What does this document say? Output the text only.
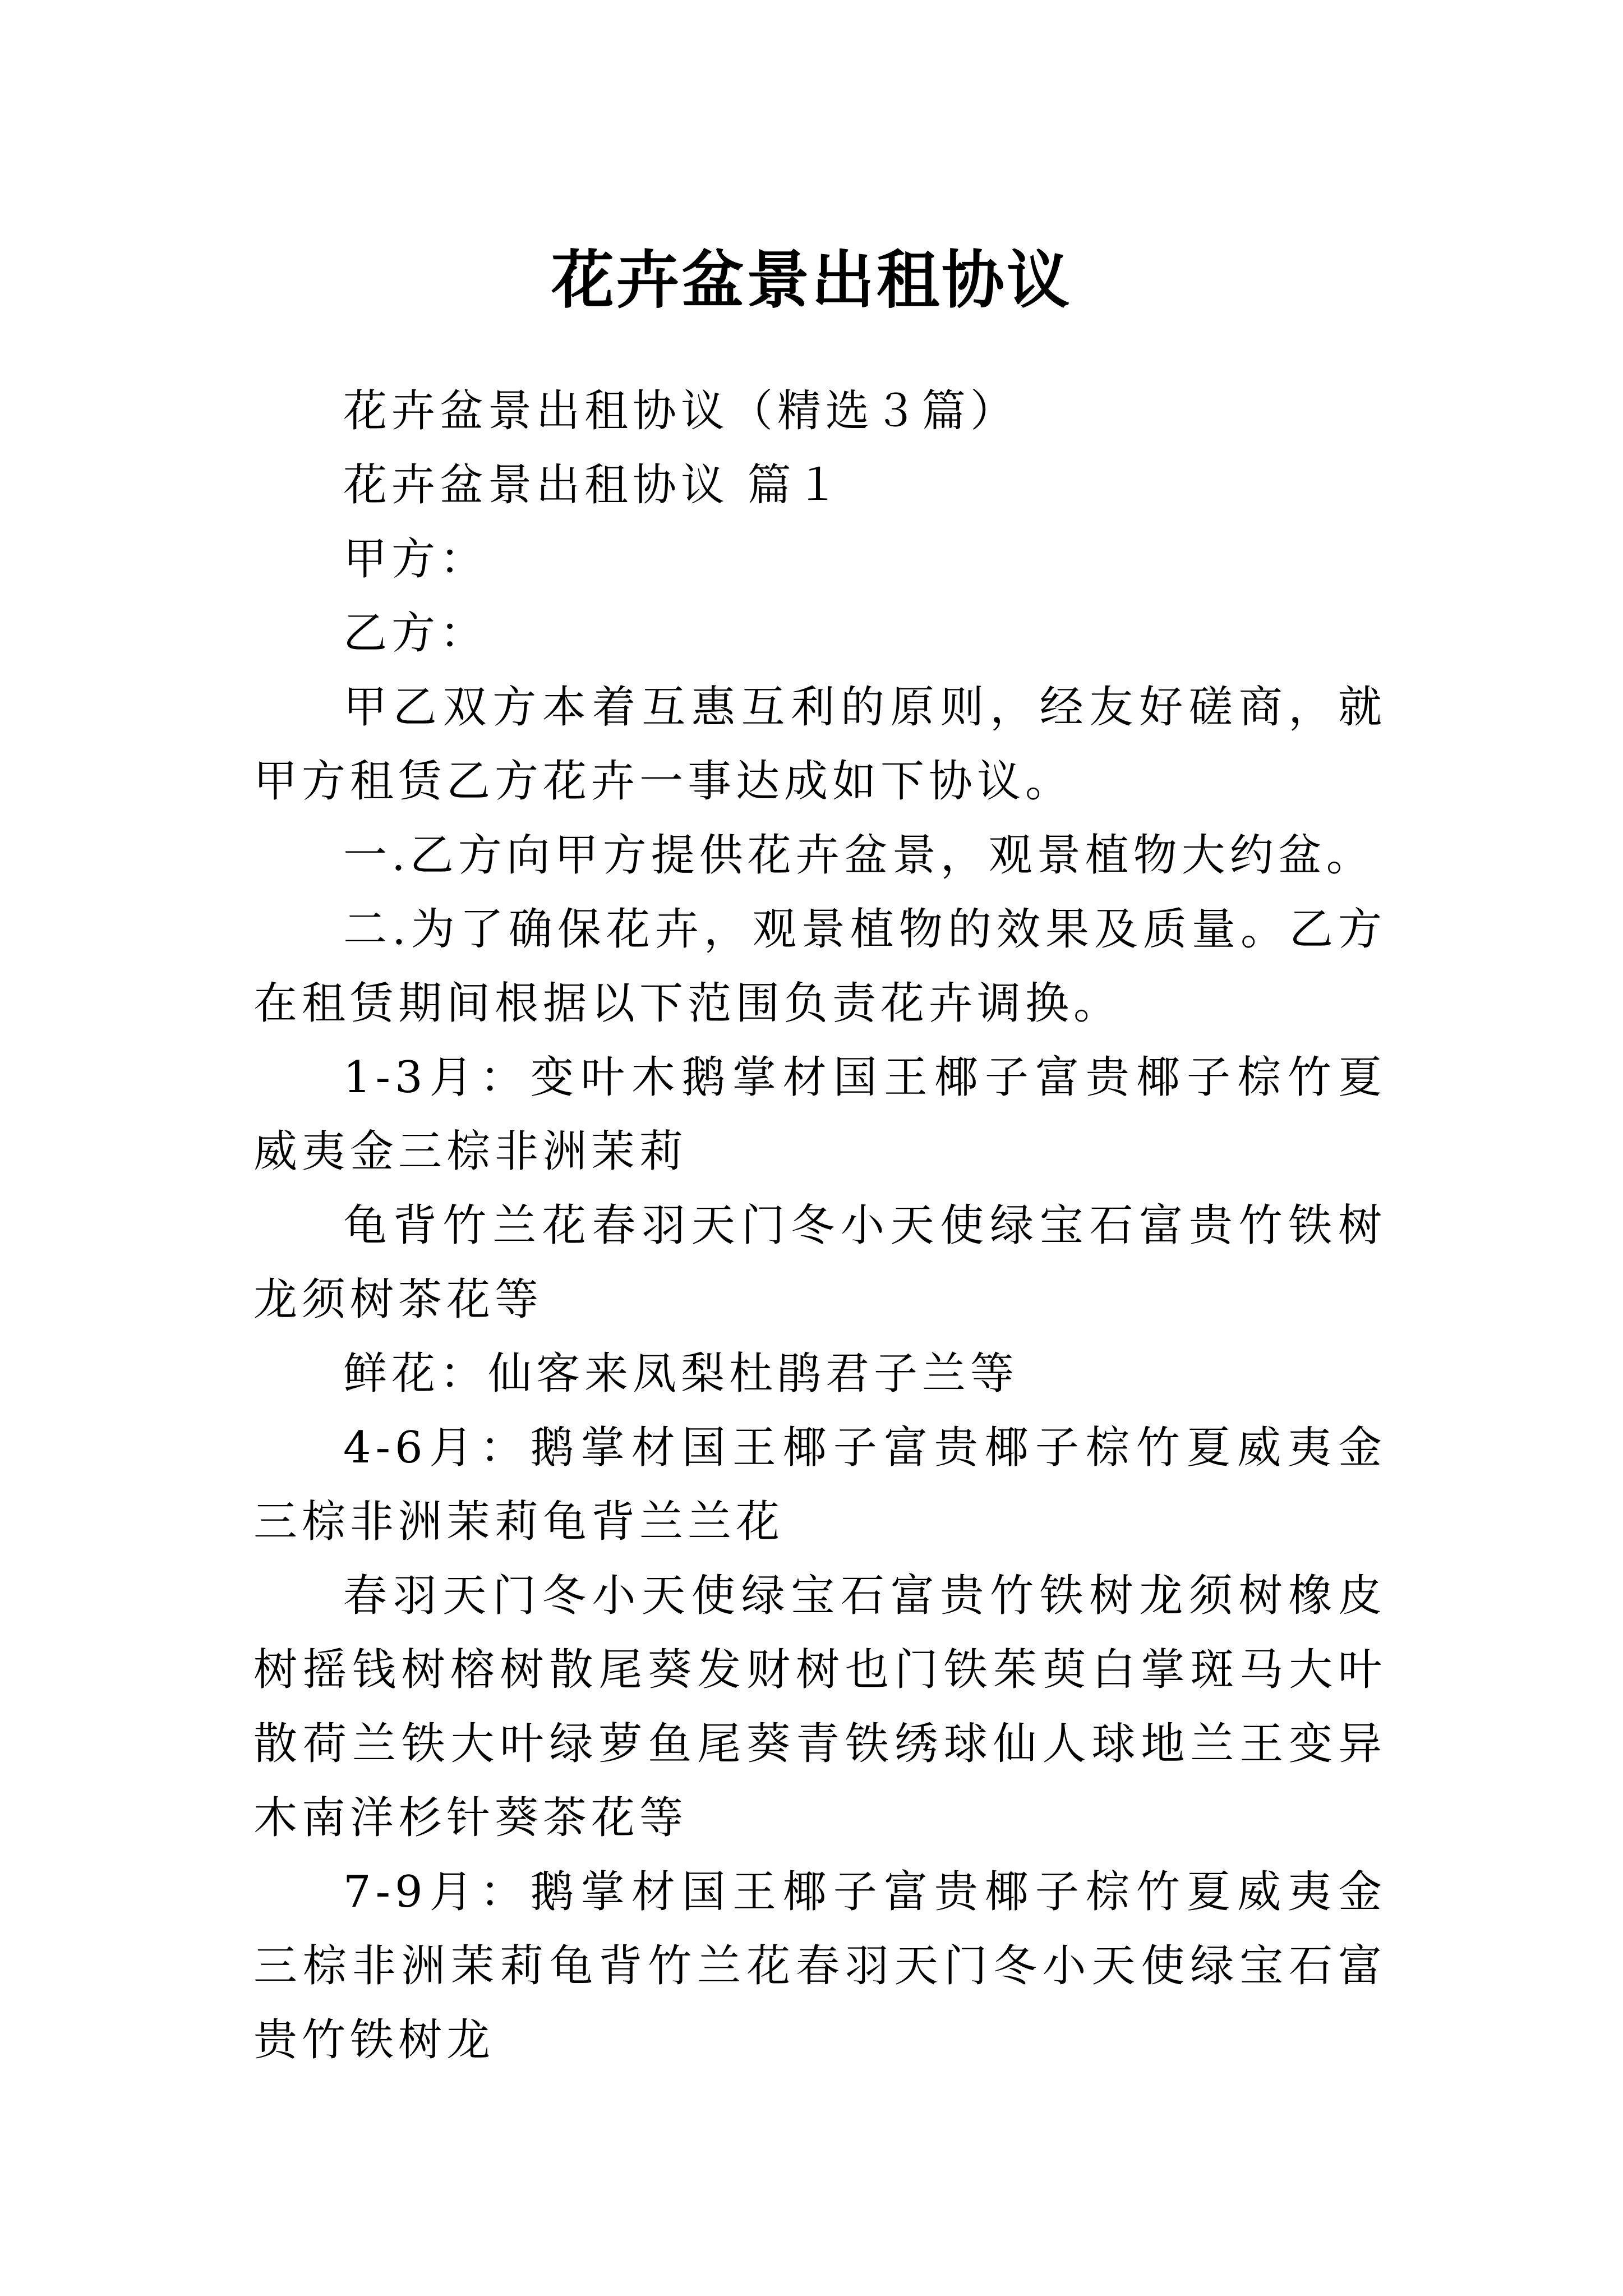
花卉盆景出租协议

花卉盆景出租协议（精选３篇）

花卉盆景出租协议 篇１

甲方：

乙方：

甲乙双方本着互惠互利的原则，经友好磋商，就甲方租赁乙方花卉一事达成如下协议。

一.乙方向甲方提供花卉盆景，观景植物大约盆。

二.为了确保花卉，观景植物的效果及质量。乙方在租赁期间根据以下范围负责花卉调换。

1-3月：变叶木鹅掌材国王椰子富贵椰子棕竹夏威夷金三棕非洲茉莉

龟背竹兰花春羽天门冬小天使绿宝石富贵竹铁树龙须树茶花等

鲜花：仙客来凤梨杜鹃君子兰等

4-6月：鹅掌材国王椰子富贵椰子棕竹夏威夷金三棕非洲茉莉龟背兰兰花

春羽天门冬小天使绿宝石富贵竹铁树龙须树橡皮树摇钱树榕树散尾葵发财树也门铁茱萸白掌斑马大叶散荷兰铁大叶绿萝鱼尾葵青铁绣球仙人球地兰王变异木南洋杉针葵茶花等

7-9月：鹅掌材国王椰子富贵椰子棕竹夏威夷金三棕非洲茉莉龟背竹兰花春羽天门冬小天使绿宝石富贵竹铁树龙
